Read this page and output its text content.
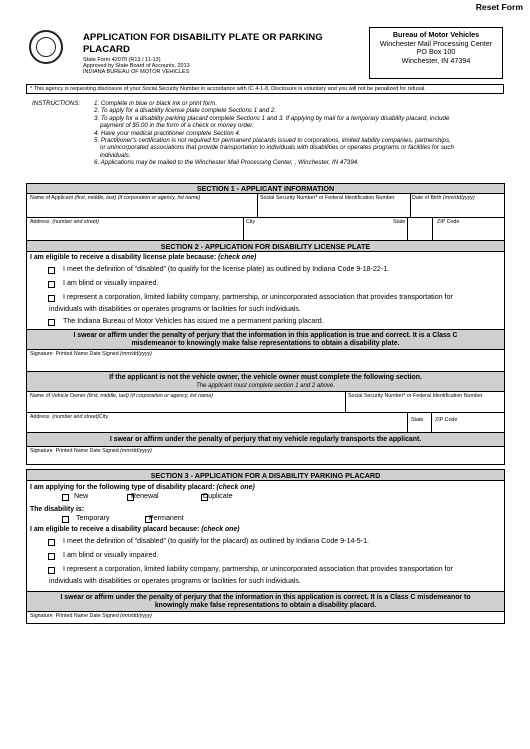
Reset Form
APPLICATION FOR DISABILITY PLATE OR PARKING
PLACARD
State Form 42070 (R13 / 11-13)
Approved by State Board of Accounts, 2013
INDIANA BUREAU OF MOTOR VEHICLES
Bureau of Motor Vehicles
Winchester Mail Processing Center
PO Box 100
Winchester, IN 47394
* This agency is requesting disclosure of your Social Security Number in accordance with IC 4-1-8. Disclosure is voluntary and you will not be penalized for refusal.
INSTRUCTIONS: 1. Complete in blue or black ink or print form.
2. To apply for a disability license plate complete Sections 1 and 2.
3. To apply for a disability parking placard complete Sections 1 and 3. If applying by mail for a temporary disability placard, include
payment of $5.00 in the form of a check or money order.
4. Have your medical practitioner complete Section 4.
5. Practitioner’s certification is not required for permanent placards issued to corporations, limited liability companies, partnerships,
or unincorporated associations that provide transportation to individuals with disabilities or operates programs or facilities for such
individuals.
6. Applications may be mailed to the Winchester Mail Processing Center, , Winchester, IN 47394.
SECTION 1 - APPLICANT INFORMATION
Name of Applicant (first, middle, last) (if corporation or agency, list name)	Social Security Number* or Federal Identification Number	Date of Birth (mm/dd/yyyy)
Address (number and street)	City	State	ZIP Code
SECTION 2 - APPLICATION FOR DISABILITY LICENSE PLATE
I am eligible to receive a disability license plate because: (check one)
I meet the definition of “disabled” (to qualify for the license plate) as outlined by Indiana Code 9-18-22-1.
I am blind or visually impaired.
I represent a corporation, limited liability company, partnership, or unincorporated association that provides transportation for
individuals with disabilities or operates programs or facilities for such individuals.
The Indiana Bureau of Motor Vehicles has issued me a permanent parking placard.
I swear or affirm under the penalty of perjury that the information in this application is true and correct. It is a Class C
misdemeanor to knowingly make false representations to obtain a disability plate.
Signature Printed Name Date Signed (mm/dd/yyyy)
If the applicant is not the vehicle owner, the vehicle owner must complete the following section.
The applicant must complete section 1 and 2 above.
Name of Vehicle Owner (first, middle, last) (if corporation or agency, list name)	Social Security Number* or Federal Identification Number
Address (number and street)City	State ZIP Code
I swear or affirm under the penalty of perjury that my vehicle regularly transports the applicant.
Signature Printed Name Date Signed (mm/dd/yyyy)
SECTION 3 - APPLICATION FOR A DISABILITY PARKING PLACARD
I am applying for the following type of disability placard: (check one)
New	Renewal	Duplicate
The disability is:
Temporary	Permanent
I am eligible to receive a disability placard because: (check one)
I meet the definition of “disabled” (to qualify for the placard) as outlined by Indiana Code 9-14-5-1.
I am blind or visually impaired.
I represent a corporation, limited liability company, partnership, or unincorporated association that provides transportation for
individuals with disabilities or operates programs or facilities for such individuals.
I swear or affirm under the penalty of perjury that the information in this application is correct. It is a Class C misdemeanor to
knowingly make false representations to obtain a disability placard.
Signature Printed Name Date Signed (mm/dd/yyyy)
